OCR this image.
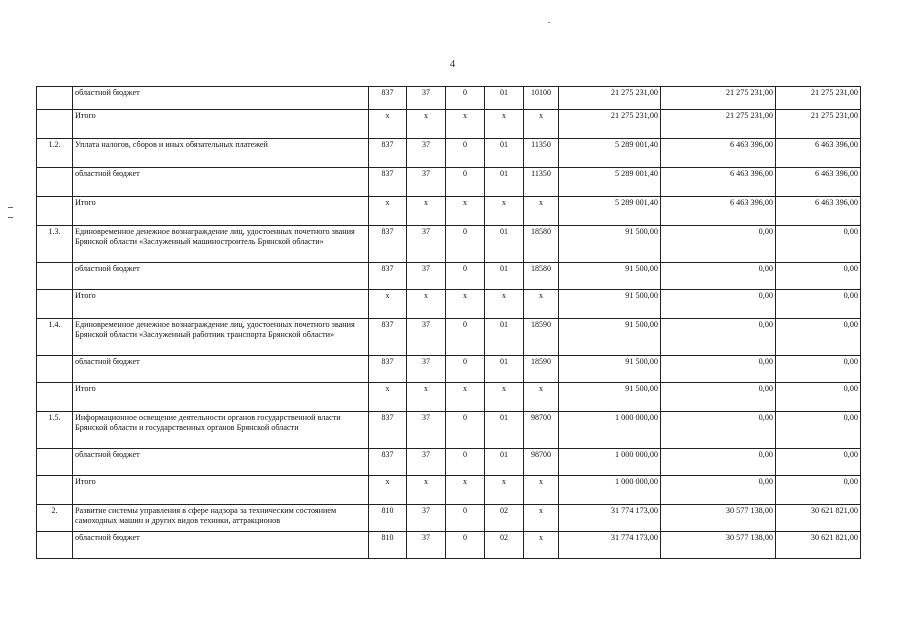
4
	областной бюджет	837	37	0	01	10100	21 275 231,00	21 275 231,00	21 275 231,00
	Итого	х	х	х	х	х	21 275 231,00	21 275 231,00	21 275 231,00
1.2.	Уплата налогов, сборов и иных обязательных платежей	837	37	0	01	11350	5 289 001,40	6 463 396,00	6 463 396,00
	областной бюджет	837	37	0	01	11350	5 289 001,40	6 463 396,00	6 463 396,00
	Итого	х	х	х	х	х	5 289 001,40	6 463 396,00	6 463 396,00
1.3.	Единовременное денежное вознаграждение лиц, удостоенных почетного звания Брянской области «Заслуженный машиностроитель Брянской области»	837	37	0	01	18580	91 500,00	0,00	0,00
	областной бюджет	837	37	0	01	18580	91 500,00	0,00	0,00
	Итого	х	х	х	х	х	91 500,00	0,00	0,00
1.4.	Единовременное денежное вознаграждение лиц, удостоенных почетного звания Брянской области «Заслуженный работник транспорта Брянской области»	837	37	0	01	18590	91 500,00	0,00	0,00
	областной бюджет	837	37	0	01	18590	91 500,00	0,00	0,00
	Итого	х	х	х	х	х	91 500,00	0,00	0,00
1.5.	Информационное освещение деятельности органов государственной власти Брянской области и государственных органов Брянской области	837	37	0	01	98700	1 000 000,00	0,00	0,00
	областной бюджет	837	37	0	01	98700	1 000 000,00	0,00	0,00
	Итого	х	х	х	х	х	1 000 000,00	0,00	0,00
2.	Развитие системы управления в сфере надзора за техническим состоянием самоходных машин и других видов техники, аттракционов	810	37	0	02	х	31 774 173,00	30 577 138,00	30 621 821,00
	областной бюджет	810	37	0	02	х	31 774 173,00	30 577 138,00	30 621 821,00
